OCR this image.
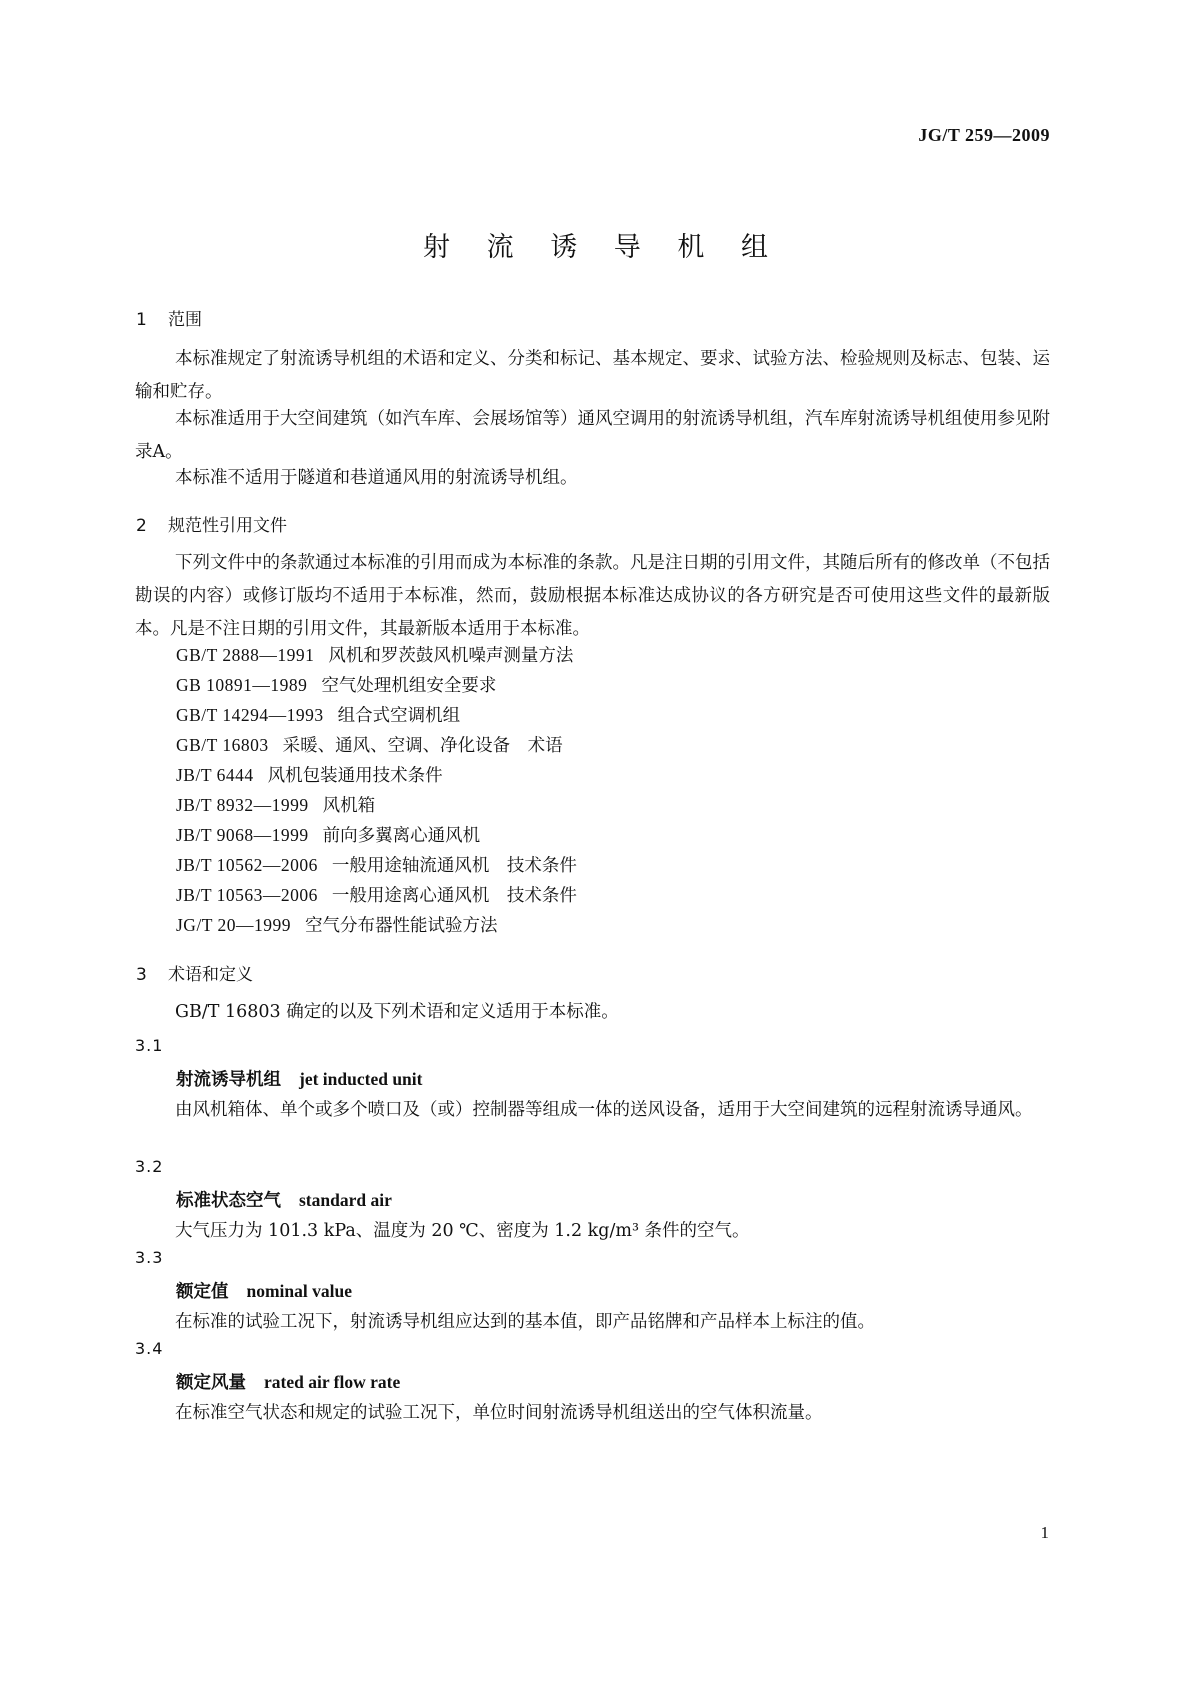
JG/T 259—2009
射 流 诱 导 机 组
1 范围

本标准规定了射流诱导机组的术语和定义、分类和标记、基本规定、要求、试验方法、检验规则及标志、包装、运输和贮存。

本标准适用于大空间建筑（如汽车库、会展场馆等）通风空调用的射流诱导机组，汽车库射流诱导机组使用参见附录A。

本标准不适用于隧道和巷道通风用的射流诱导机组。

2 规范性引用文件

下列文件中的条款通过本标准的引用而成为本标准的条款。凡是注日期的引用文件，其随后所有的修改单（不包括勘误的内容）或修订版均不适用于本标准，然而，鼓励根据本标准达成协议的各方研究是否可使用这些文件的最新版本。凡是不注日期的引用文件，其最新版本适用于本标准。

GB/T 2888—1991 风机和罗茨鼓风机噪声测量方法
GB 10891—1989 空气处理机组安全要求
GB/T 14294—1993 组合式空调机组
GB/T 16803 采暖、通风、空调、净化设备　术语
JB/T 6444 风机包装通用技术条件
JB/T 8932—1999 风机箱
JB/T 9068—1999 前向多翼离心通风机
JB/T 10562—2006 一般用途轴流通风机　技术条件
JB/T 10563—2006 一般用途离心通风机　技术条件
JG/T 20—1999 空气分布器性能试验方法
3 术语和定义

GB/T 16803 确定的以及下列术语和定义适用于本标准。

3.1
射流诱导机组 jet inducted unit

由风机箱体、单个或多个喷口及（或）控制器等组成一体的送风设备，适用于大空间建筑的远程射流诱导通风。

3.2
标准状态空气 standard air

大气压力为 101.3 kPa、温度为 20 ℃、密度为 1.2 kg/m³ 条件的空气。

3.3
额定值 nominal value

在标准的试验工况下，射流诱导机组应达到的基本值，即产品铭牌和产品样本上标注的值。

3.4
额定风量 rated air flow rate

在标准空气状态和规定的试验工况下，单位时间射流诱导机组送出的空气体积流量。

1
